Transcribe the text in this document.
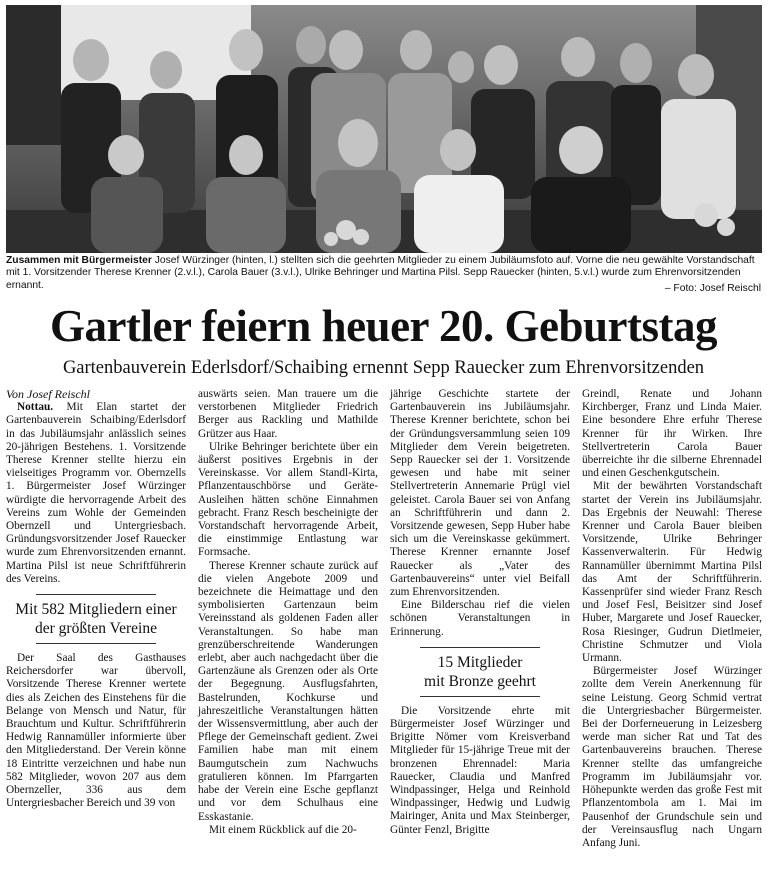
Zusammen mit Bürgermeister Josef Würzinger (hinten, l.) stellten sich die geehrten Mitglieder zu einem Jubiläumsfoto auf. Vorne die neu gewählte Vorstandschaft mit 1. Vorsitzender Therese Krenner (2.v.l.), Carola Bauer (3.v.l.), Ulrike Behringer und Martina Pilsl. Sepp Rauecker (hinten, 5.v.l.) wurde zum Ehrenvorsitzenden ernannt.	– Foto: Josef Reischl
Gartler feiern heuer 20. Geburtstag
Gartenbauverein Ederlsdorf/Schaibing ernennt Sepp Rauecker zum Ehrenvorsitzenden

Von Josef Reischl

Nottau. Mit Elan startet der Gartenbauverein Schaibing/Ederlsdorf in das Jubiläumsjahr anlässlich seines 20-jährigen Bestehens. 1. Vorsitzende Therese Krenner stellte hierzu ein vielseitiges Programm vor. Obernzells 1. Bürgermeister Josef Würzinger würdigte die hervorragende Arbeit des Vereins zum Wohle der Gemeinden Obernzell und Untergriesbach. Gründungsvorsitzender Josef Rauecker wurde zum Ehrenvorsitzenden ernannt. Martina Pilsl ist neue Schriftführerin des Vereins.

Mit 582 Mitgliedern einer
der größten Vereine

Der Saal des Gasthauses Reichersdorfer war übervoll, Vorsitzende Therese Krenner wertete dies als Zeichen des Einstehens für die Belange von Mensch und Natur, für Brauchtum und Kultur. Schriftführerin Hedwig Rannamüller informierte über den Mitgliederstand. Der Verein könne 18 Eintritte verzeichnen und habe nun 582 Mitglieder, wovon 207 aus dem Obernzeller, 336 aus dem Untergriesbacher Bereich und 39 von

auswärts seien. Man trauere um die verstorbenen Mitglieder Friedrich Berger aus Rackling und Mathilde Grützer aus Haar.

Ulrike Behringer berichtete über ein äußerst positives Ergebnis in der Vereinskasse. Vor allem Standl-Kirta, Pflanzentauschbörse und Geräte-Ausleihen hätten schöne Einnahmen gebracht. Franz Resch bescheinigte der Vorstandschaft hervorragende Arbeit, die einstimmige Entlastung war Formsache.

Therese Krenner schaute zurück auf die vielen Angebote 2009 und bezeichnete die Heimattage und den symbolisierten Gartenzaun beim Vereinsstand als goldenen Faden aller Veranstaltungen. So habe man grenzüberschreitende Wanderungen erlebt, aber auch nachgedacht über die Gartenzäune als Grenzen oder als Orte der Begegnung. Ausflugsfahrten, Bastelrunden, Kochkurse und jahreszeitliche Veranstaltungen hätten der Wissensvermittlung, aber auch der Pflege der Gemeinschaft gedient. Zwei Familien habe man mit einem Baumgutschein zum Nachwuchs gratulieren können. Im Pfarrgarten habe der Verein eine Esche gepflanzt und vor dem Schulhaus eine Esskastanie.

Mit einem Rückblick auf die 20-

jährige Geschichte startete der Gartenbauverein ins Jubiläumsjahr. Therese Krenner berichtete, schon bei der Gründungsversammlung seien 109 Mitglieder dem Verein beigetreten. Sepp Rauecker sei der 1. Vorsitzende gewesen und habe mit seiner Stellvertreterin Annemarie Prügl viel geleistet. Carola Bauer sei von Anfang an Schriftführerin und dann 2. Vorsitzende gewesen, Sepp Huber habe sich um die Vereinskasse gekümmert. Therese Krenner ernannte Josef Rauecker als „Vater des Gartenbauvereins“ unter viel Beifall zum Ehrenvorsitzenden.

Eine Bilderschau rief die vielen schönen Veranstaltungen in Erinnerung.

15 Mitglieder
mit Bronze geehrt

Die Vorsitzende ehrte mit Bürgermeister Josef Würzinger und Brigitte Nömer vom Kreisverband Mitglieder für 15-jährige Treue mit der bronzenen Ehrennadel: Maria Rauecker, Claudia und Manfred Windpassinger, Helga und Reinhold Windpassinger, Hedwig und Ludwig Mairinger, Anita und Max Steinberger, Günter Fenzl, Brigitte

Greindl, Renate und Johann Kirchberger, Franz und Linda Maier. Eine besondere Ehre erfuhr Therese Krenner für ihr Wirken. Ihre Stellvertreterin Carola Bauer überreichte ihr die silberne Ehrennadel und einen Geschenkgutschein.

Mit der bewährten Vorstandschaft startet der Verein ins Jubiläumsjahr. Das Ergebnis der Neuwahl: Therese Krenner und Carola Bauer bleiben Vorsitzende, Ulrike Behringer Kassenverwalterin. Für Hedwig Rannamüller übernimmt Martina Pilsl das Amt der Schriftführerin. Kassenprüfer sind wieder Franz Resch und Josef Fesl, Beisitzer sind Josef Huber, Margarete und Josef Rauecker, Rosa Riesinger, Gudrun Dietlmeier, Christine Schmutzer und Viola Urmann.

Bürgermeister Josef Würzinger zollte dem Verein Anerkennung für seine Leistung. Georg Schmid vertrat die Untergriesbacher Bürgermeister. Bei der Dorferneuerung in Leizesberg werde man sicher Rat und Tat des Gartenbauvereins brauchen. Therese Krenner stellte das umfangreiche Programm im Jubiläumsjahr vor. Höhepunkte werden das große Fest mit Pflanzentombola am 1. Mai im Pausenhof der Grundschule sein und der Vereinsausflug nach Ungarn Anfang Juni.
